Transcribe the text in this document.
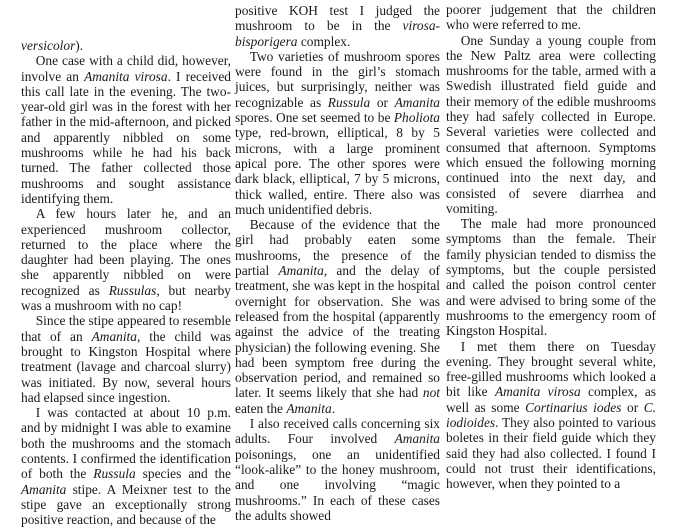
versicolor).

One case with a child did, however, involve an Amanita virosa. I received this call late in the evening. The two-year-old girl was in the forest with her father in the mid-afternoon, and picked and apparently nibbled on some mushrooms while he had his back turned. The father collected those mushrooms and sought assistance identifying them.

A few hours later he, and an experienced mushroom collector, returned to the place where the daughter had been playing. The ones she apparently nibbled on were recognized as Russulas, but nearby was a mushroom with no cap!

Since the stipe appeared to resemble that of an Amanita, the child was brought to Kingston Hospital where treatment (lavage and charcoal slurry) was initiated. By now, several hours had elapsed since ingestion.

I was contacted at about 10 p.m. and by midnight I was able to examine both the mushrooms and the stomach contents. I confirmed the identification of both the Russula species and the Amanita stipe. A Meixner test to the stipe gave an exceptionally strong positive reaction, and because of the

positive KOH test I judged the mushroom to be in the virosa-bisporigera complex.

Two varieties of mushroom spores were found in the girl’s stomach juices, but surprisingly, neither was recognizable as Russula or Amanita spores. One set seemed to be Pholiota type, red-brown, elliptical, 8 by 5 microns, with a large prominent apical pore. The other spores were dark black, elliptical, 7 by 5 microns, thick walled, entire. There also was much unidentified debris.

Because of the evidence that the girl had probably eaten some mushrooms, the presence of the partial Amanita, and the delay of treatment, she was kept in the hospital overnight for observation. She was released from the hospital (apparently against the advice of the treating physician) the following evening. She had been symptom free during the observation period, and remained so later. It seems likely that she had not eaten the Amanita.

I also received calls concerning six adults. Four involved Amanita poisonings, one an unidentified “look-alike” to the honey mushroom, and one involving “magic mushrooms.” In each of these cases the adults showed

poorer judgement that the children who were referred to me.

One Sunday a young couple from the New Paltz area were collecting mushrooms for the table, armed with a Swedish illustrated field guide and their memory of the edible mushrooms they had safely collected in Europe. Several varieties were collected and consumed that afternoon. Symptoms which ensued the following morning continued into the next day, and consisted of severe diarrhea and vomiting.

The male had more pronounced symptoms than the female. Their family physician tended to dismiss the symptoms, but the couple persisted and called the poison control center and were advised to bring some of the mushrooms to the emergency room of Kingston Hospital.

I met them there on Tuesday evening. They brought several white, free-gilled mushrooms which looked a bit like Amanita virosa complex, as well as some Cortinarius iodes or C. iodioides. They also pointed to various boletes in their field guide which they said they had also collected. I found I could not trust their identifications, however, when they pointed to a
